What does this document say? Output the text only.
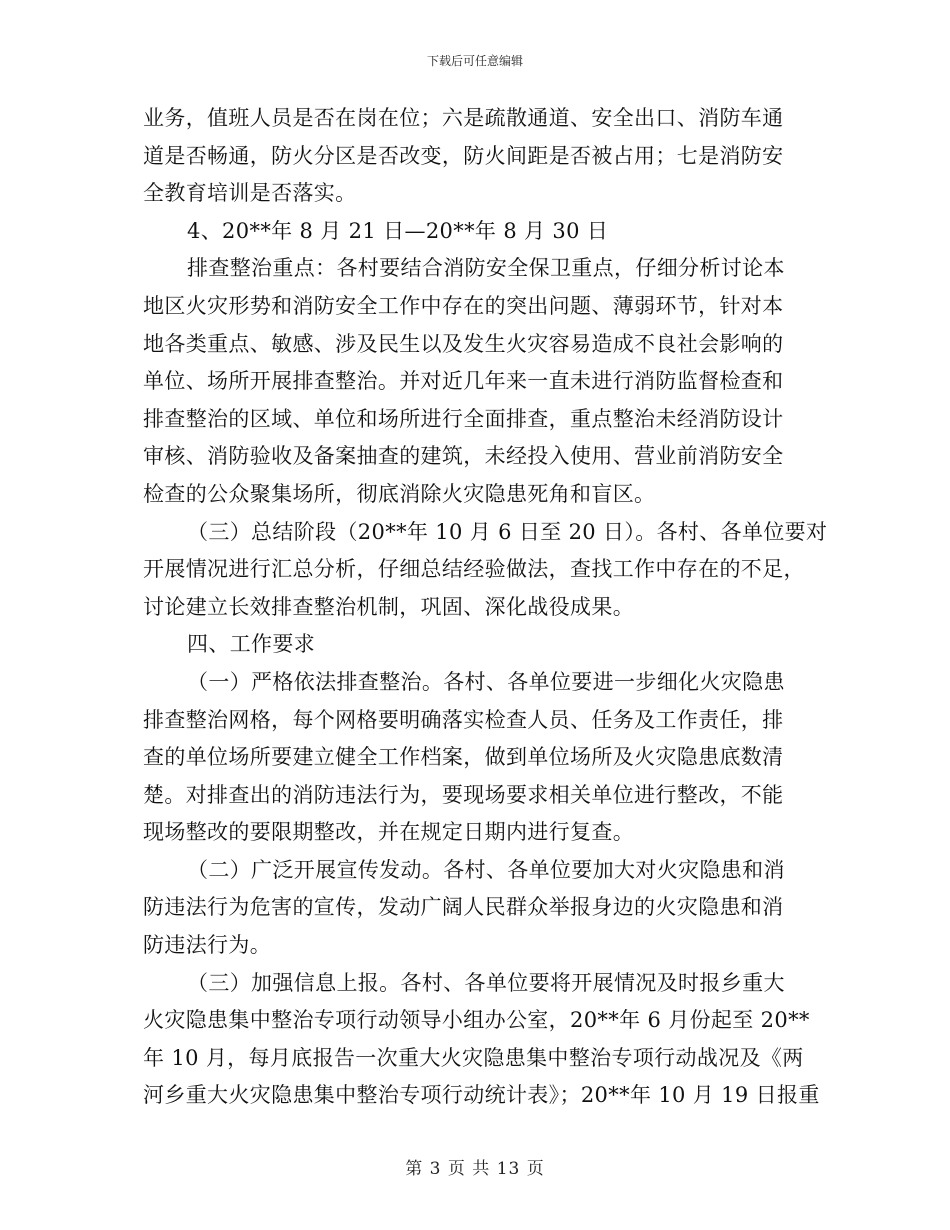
下载后可任意编辑
业务，值班人员是否在岗在位；六是疏散通道、安全出口、消防车通
道是否畅通，防火分区是否改变，防火间距是否被占用；七是消防安
全教育培训是否落实。
4、20**年 8 月 21 日—20**年 8 月 30 日
排查整治重点：各村要结合消防安全保卫重点，仔细分析讨论本
地区火灾形势和消防安全工作中存在的突出问题、薄弱环节，针对本
地各类重点、敏感、涉及民生以及发生火灾容易造成不良社会影响的
单位、场所开展排查整治。并对近几年来一直未进行消防监督检查和
排查整治的区域、单位和场所进行全面排查，重点整治未经消防设计
审核、消防验收及备案抽查的建筑，未经投入使用、营业前消防安全
检查的公众聚集场所，彻底消除火灾隐患死角和盲区。
（三）总结阶段（20**年 10 月 6 日至 20 日）。各村、各单位要对
开展情况进行汇总分析，仔细总结经验做法，查找工作中存在的不足，
讨论建立长效排查整治机制，巩固、深化战役成果。
四、工作要求
（一）严格依法排查整治。各村、各单位要进一步细化火灾隐患
排查整治网格，每个网格要明确落实检查人员、任务及工作责任，排
查的单位场所要建立健全工作档案，做到单位场所及火灾隐患底数清
楚。对排查出的消防违法行为，要现场要求相关单位进行整改，不能
现场整改的要限期整改，并在规定日期内进行复查。
（二）广泛开展宣传发动。各村、各单位要加大对火灾隐患和消
防违法行为危害的宣传，发动广阔人民群众举报身边的火灾隐患和消
防违法行为。
（三）加强信息上报。各村、各单位要将开展情况及时报乡重大
火灾隐患集中整治专项行动领导小组办公室，20**年 6 月份起至 20**
年 10 月，每月底报告一次重大火灾隐患集中整治专项行动战况及《两
河乡重大火灾隐患集中整治专项行动统计表》；20**年 10 月 19 日报重
第 3 页 共 13 页
